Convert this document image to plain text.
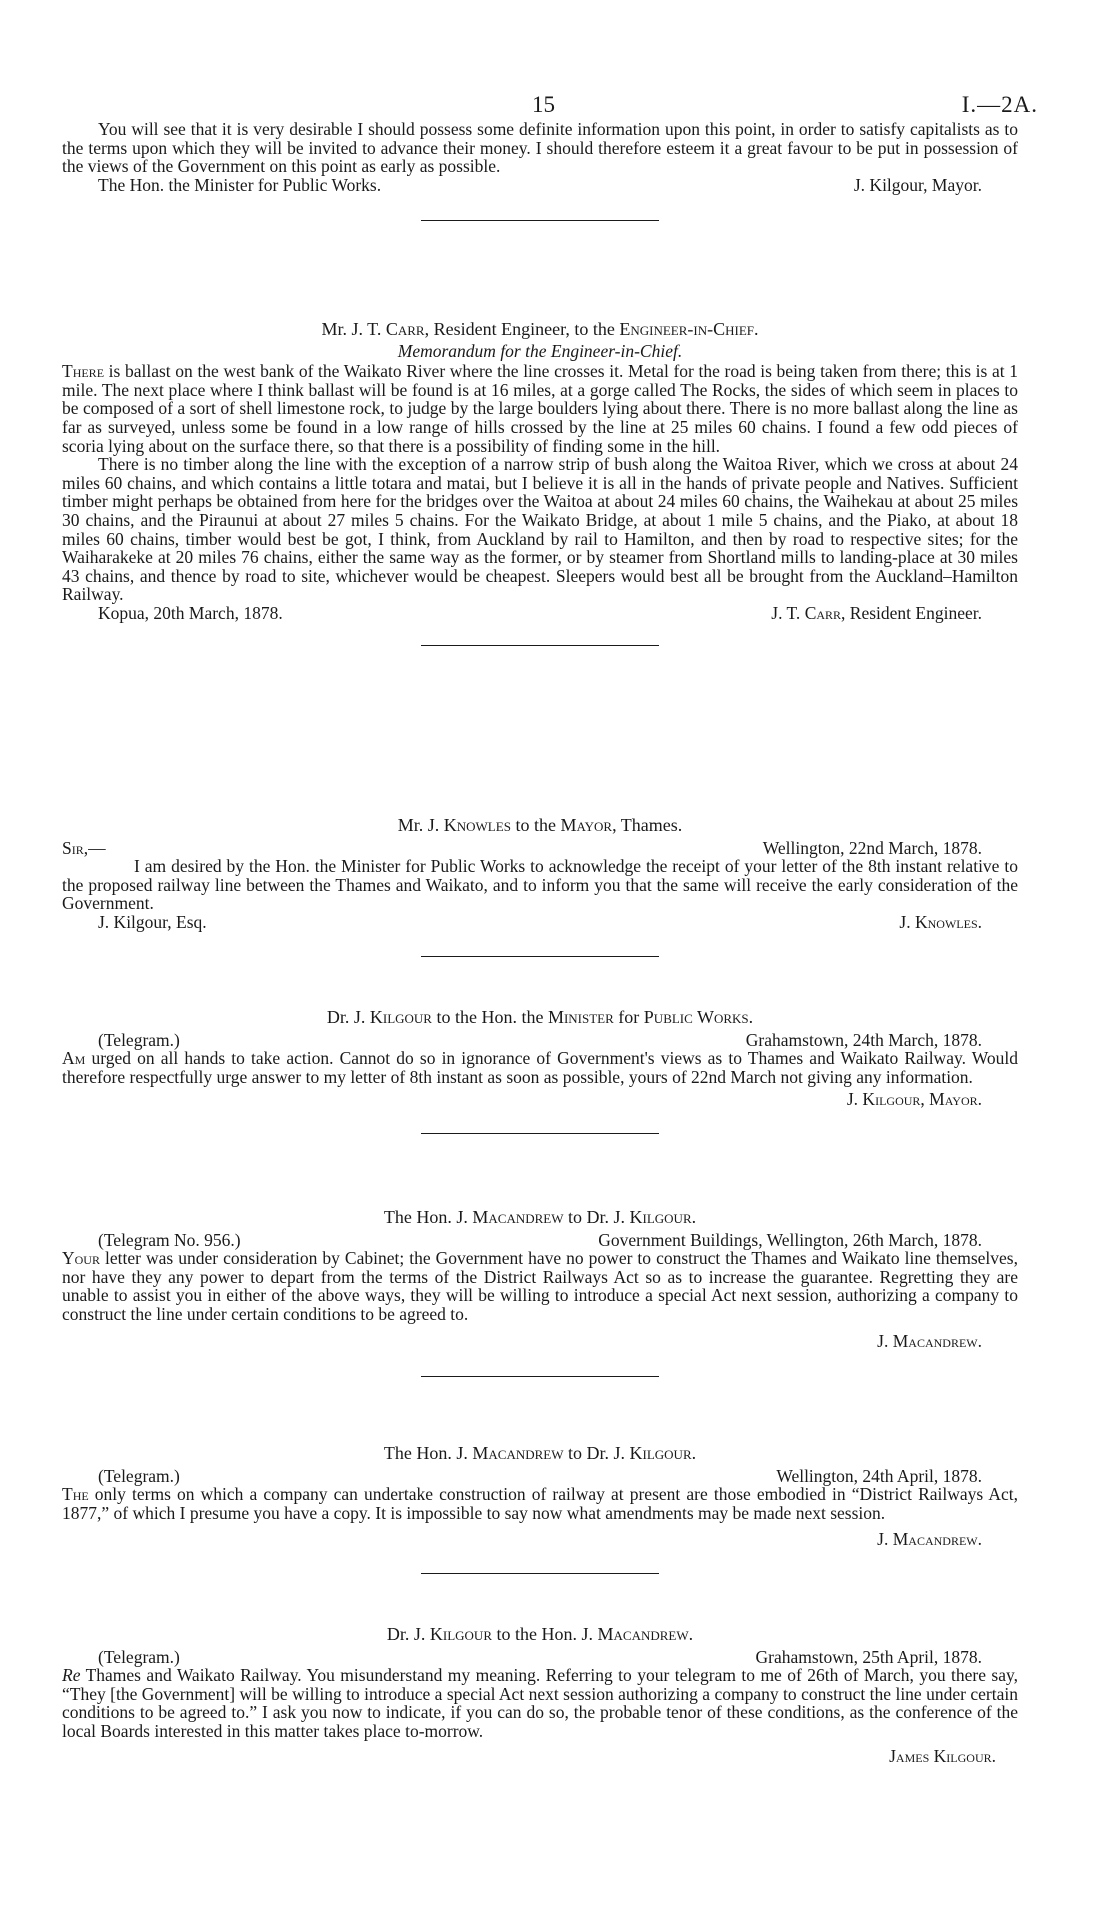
15	I.—2A.

You will see that it is very desirable I should possess some definite information upon this point, in order to satisfy capitalists as to the terms upon which they will be invited to advance their money. I should therefore esteem it a great favour to be put in possession of the views of the Government on this point as early as possible.

The Hon. the Minister for Public Works.	J. Kilgour, Mayor.
Mr. J. T. Carr, Resident Engineer, to the Engineer-in-Chief.
Memorandum for the Engineer-in-Chief.

There is ballast on the west bank of the Waikato River where the line crosses it. Metal for the road is being taken from there; this is at 1 mile. The next place where I think ballast will be found is at 16 miles, at a gorge called The Rocks, the sides of which seem in places to be composed of a sort of shell limestone rock, to judge by the large boulders lying about there. There is no more ballast along the line as far as surveyed, unless some be found in a low range of hills crossed by the line at 25 miles 60 chains. I found a few odd pieces of scoria lying about on the surface there, so that there is a possibility of finding some in the hill.

There is no timber along the line with the exception of a narrow strip of bush along the Waitoa River, which we cross at about 24 miles 60 chains, and which contains a little totara and matai, but I believe it is all in the hands of private people and Natives. Sufficient timber might perhaps be obtained from here for the bridges over the Waitoa at about 24 miles 60 chains, the Waihekau at about 25 miles 30 chains, and the Piraunui at about 27 miles 5 chains. For the Waikato Bridge, at about 1 mile 5 chains, and the Piako, at about 18 miles 60 chains, timber would best be got, I think, from Auckland by rail to Hamilton, and then by road to respective sites; for the Waiharakeke at 20 miles 76 chains, either the same way as the former, or by steamer from Shortland mills to landing-place at 30 miles 43 chains, and thence by road to site, whichever would be cheapest. Sleepers would best all be brought from the Auckland–Hamilton Railway.

Kopua, 20th March, 1878.	J. T. Carr, Resident Engineer.
Mr. J. Knowles to the Mayor, Thames.
Sir,—	Wellington, 22nd March, 1878.

I am desired by the Hon. the Minister for Public Works to acknowledge the receipt of your letter of the 8th instant relative to the proposed railway line between the Thames and Waikato, and to inform you that the same will receive the early consideration of the Government.

J. Kilgour, Esq.	J. Knowles.
Dr. J. Kilgour to the Hon. the Minister for Public Works.
(Telegram.)	Grahamstown, 24th March, 1878.

Am urged on all hands to take action. Cannot do so in ignorance of Government's views as to Thames and Waikato Railway. Would therefore respectfully urge answer to my letter of 8th instant as soon as possible, yours of 22nd March not giving any information.

J. Kilgour, Mayor.
The Hon. J. Macandrew to Dr. J. Kilgour.
(Telegram No. 956.)	Government Buildings, Wellington, 26th March, 1878.

Your letter was under consideration by Cabinet; the Government have no power to construct the Thames and Waikato line themselves, nor have they any power to depart from the terms of the District Railways Act so as to increase the guarantee. Regretting they are unable to assist you in either of the above ways, they will be willing to introduce a special Act next session, authorizing a company to construct the line under certain conditions to be agreed to.

J. Macandrew.
The Hon. J. Macandrew to Dr. J. Kilgour.
(Telegram.)	Wellington, 24th April, 1878.

The only terms on which a company can undertake construction of railway at present are those embodied in “District Railways Act, 1877,” of which I presume you have a copy. It is impossible to say now what amendments may be made next session.

J. Macandrew.
Dr. J. Kilgour to the Hon. J. Macandrew.
(Telegram.)	Grahamstown, 25th April, 1878.

Re Thames and Waikato Railway. You misunderstand my meaning. Referring to your telegram to me of 26th of March, you there say, “They [the Government] will be willing to introduce a special Act next session authorizing a company to construct the line under certain conditions to be agreed to.” I ask you now to indicate, if you can do so, the probable tenor of these conditions, as the conference of the local Boards interested in this matter takes place to-morrow.

James Kilgour.
